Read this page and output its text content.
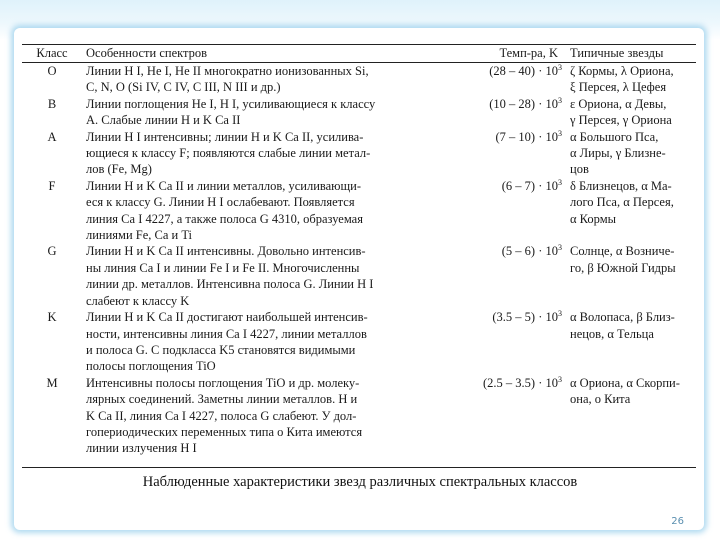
Класс	Особенности спектров	Темп-ра, K	Типичные звезды
O	Линии H I, He I, He II многократно ионизованных Si,
C, N, O (Si IV, C IV, C III, N III и др.)	$(28 - 40) \cdot 10^3$	ζ Кормы, λ Ориона,
ξ Персея, λ Цефея

B	Линии поглощения He I, H I, усиливающиеся к классу
A. Слабые линии H и K Ca II	$(10 - 28) \cdot 10^3$	ε Ориона, α Девы,
γ Персея, γ Ориона

A	Линии H I интенсивны; линии H и K Ca II, усилива-
ющиеся к классу F; появляются слабые линии метал-
лов (Fe, Mg)	$(7 - 10) \cdot 10^3$	α Большого Пса,
α Лиры, γ Близне-
цов

F	Линии H и K Ca II и линии металлов, усиливающи-
еся к классу G. Линии H I ослабевают. Появляется
линия Ca I 4227, а также полоса G 4310, образуемая
линиями Fe, Ca и Ti	$(6 - 7) \cdot 10^3$	δ Близнецов, α Ма-
лого Пса, α Персея,
α Кормы

G	Линии H и K Ca II интенсивны. Довольно интенсив-
ны линия Ca I и линии Fe I и Fe II. Многочисленны
линии др. металлов. Интенсивна полоса G. Линии H I
слабеют к классу K	$(5 - 6) \cdot 10^3$	Солнце, α Возниче-
го, β Южной Гидры

K	Линии H и K Ca II достигают наибольшей интенсив-
ности, интенсивны линия Ca I 4227, линии металлов
и полоса G. С подкласса K5 становятся видимыми
полосы поглощения TiO	$(3.5 - 5) \cdot 10^3$	α Волопаса, β Близ-
нецов, α Тельца

M	Интенсивны полосы поглощения TiO и др. молеку-
лярных соединений. Заметны линии металлов. H и
K Ca II, линия Ca I 4227, полоса G слабеют. У дол-
гопериодических переменных типа o Кита имеются
линии излучения H I	$(2.5 - 3.5) \cdot 10^3$	α Ориона, α Скорпи-
она, o Кита
Наблюденные характеристики звезд различных спектральных классов
26
